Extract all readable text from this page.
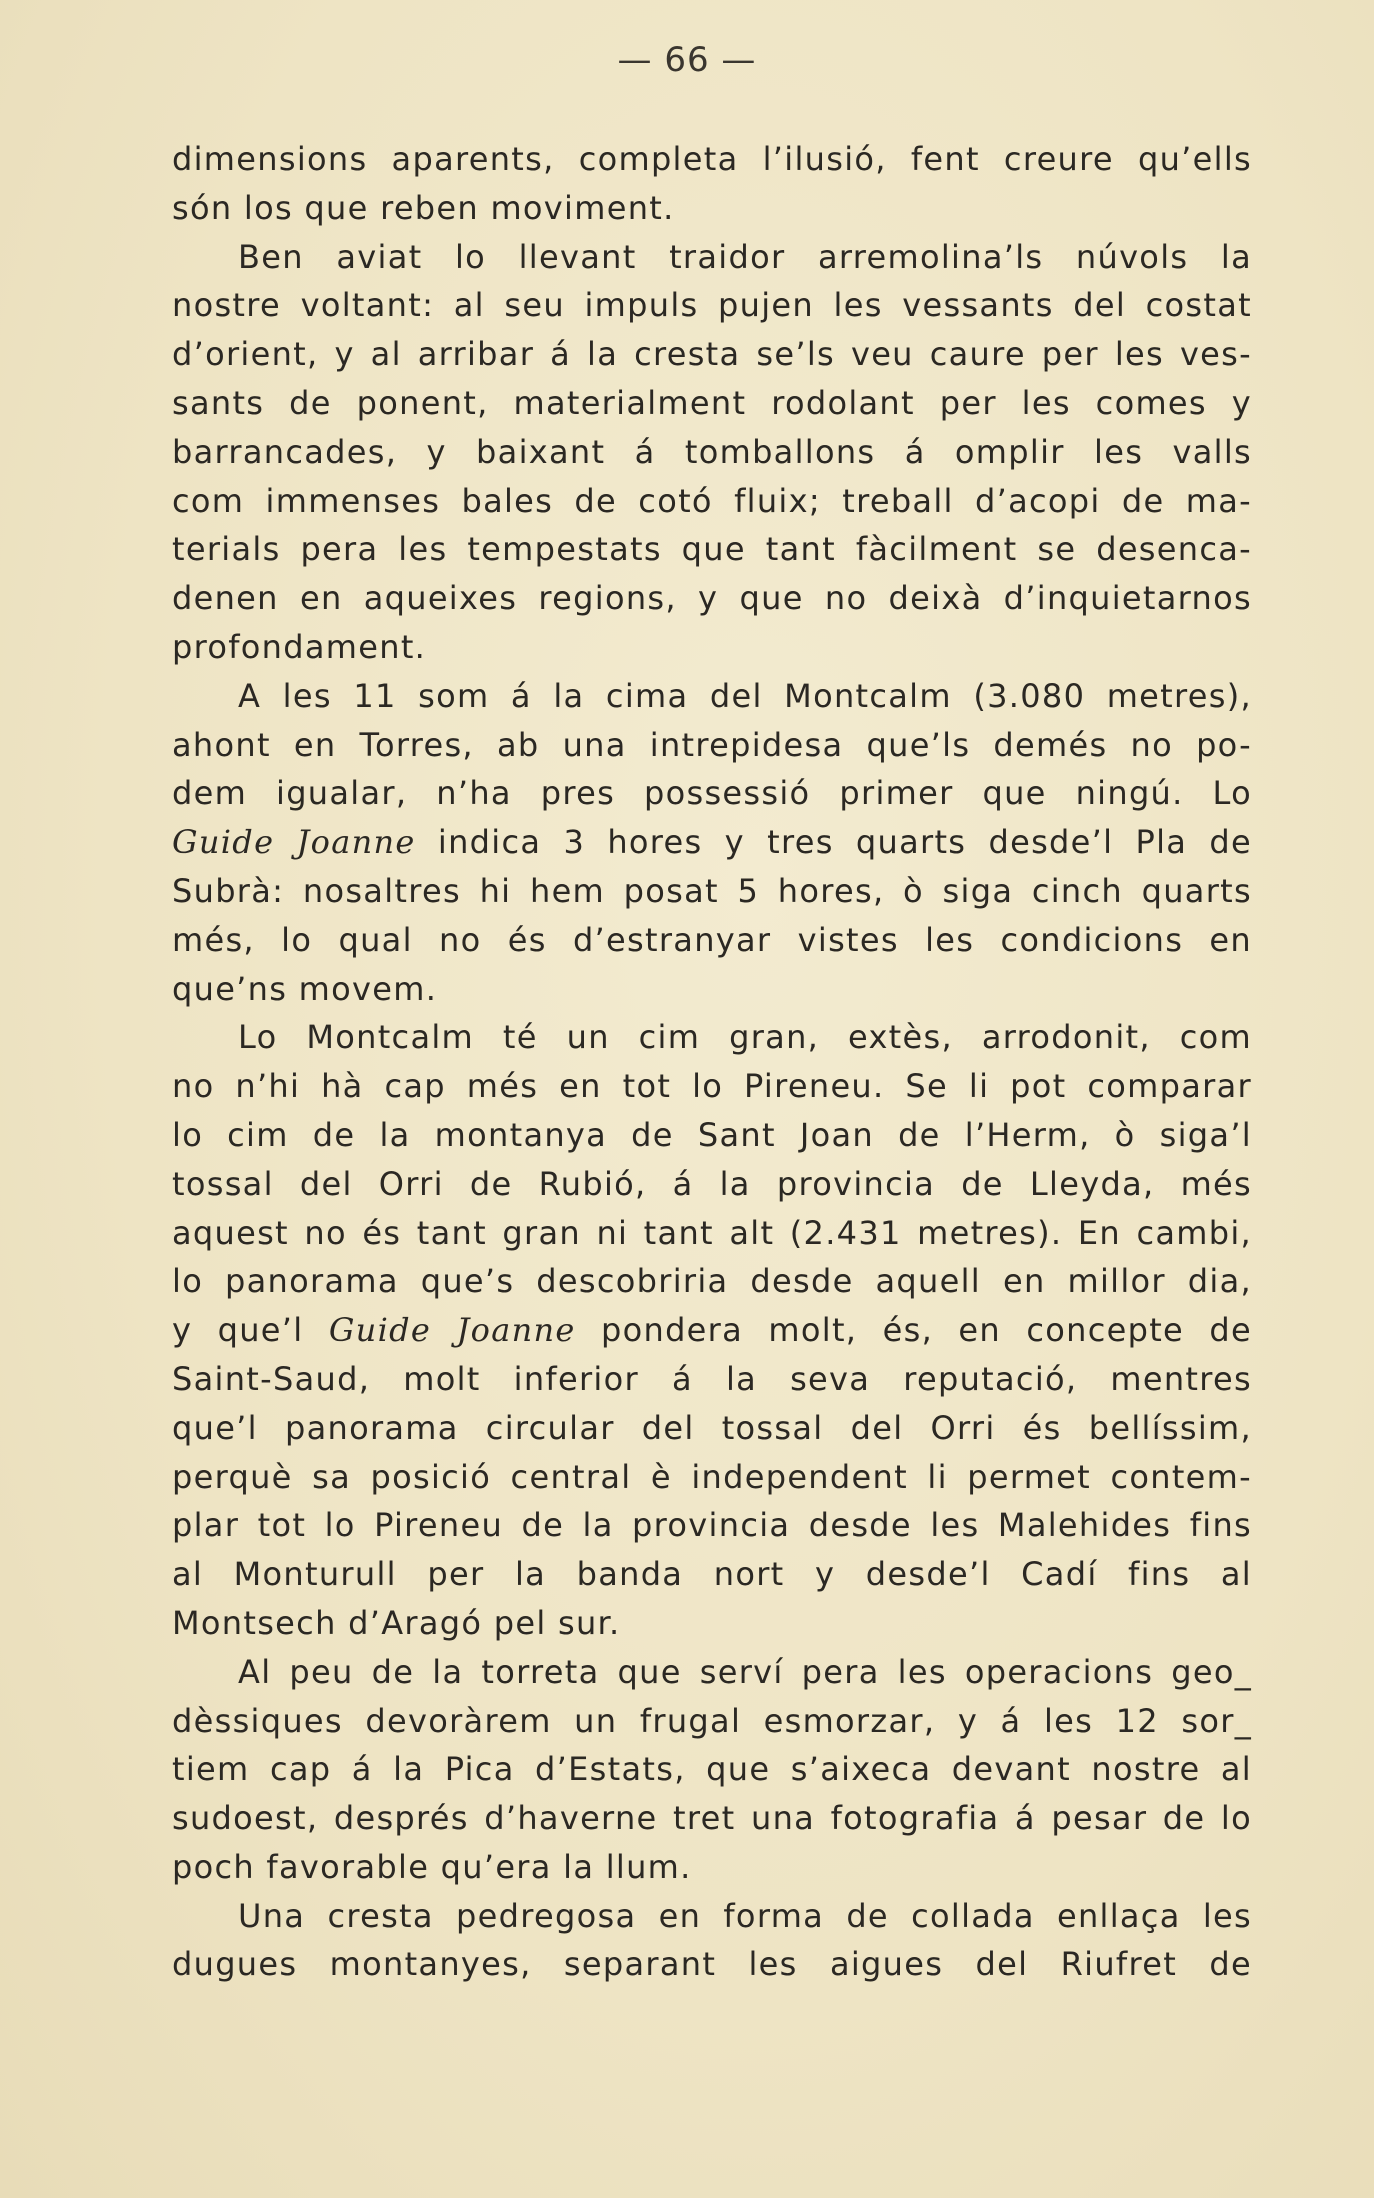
— 66 —
dimensions aparents, completa l’ilusió, fent creure qu’ells
són los que reben moviment.
Ben aviat lo llevant traidor arremolina’ls núvols la
nostre voltant: al seu impuls pujen les vessants del costat
d’orient, y al arribar á la cresta se’ls veu caure per les ves-
sants de ponent, materialment rodolant per les comes y
barrancades, y baixant á tomballons á omplir les valls
com immenses bales de cotó fluix; treball d’acopi de ma-
terials pera les tempestats que tant fàcilment se desenca-
denen en aqueixes regions, y que no deixà d’inquietarnos
profondament.
A les 11 som á la cima del Montcalm (3.080 metres),
ahont en Torres, ab una intrepidesa que’ls demés no po-
dem igualar, n’ha pres possessió primer que ningú. Lo
Guide Joanne indica 3 hores y tres quarts desde’l Pla de
Subrà: nosaltres hi hem posat 5 hores, ò siga cinch quarts
més, lo qual no és d’estranyar vistes les condicions en
que’ns movem.
Lo Montcalm té un cim gran, extès, arrodonit, com
no n’hi hà cap més en tot lo Pireneu. Se li pot comparar
lo cim de la montanya de Sant Joan de l’Herm, ò siga’l
tossal del Orri de Rubió, á la provincia de Lleyda, més
aquest no és tant gran ni tant alt (2.431 metres). En cambi,
lo panorama que’s descobriria desde aquell en millor dia,
y que’l Guide Joanne pondera molt, és, en concepte de
Saint-Saud, molt inferior á la seva reputació, mentres
que’l panorama circular del tossal del Orri és bellíssim,
perquè sa posició central è independent li permet contem-
plar tot lo Pireneu de la provincia desde les Malehides fins
al Monturull per la banda nort y desde’l Cadí fins al
Montsech d’Aragó pel sur.
Al peu de la torreta que serví pera les operacions geo_
dèssiques devoràrem un frugal esmorzar, y á les 12 sor_
tiem cap á la Pica d’Estats, que s’aixeca devant nostre al
sudoest, després d’haverne tret una fotografia á pesar de lo
poch favorable qu’era la llum.
Una cresta pedregosa en forma de collada enllaça les
dugues montanyes, separant les aigues del Riufret de
